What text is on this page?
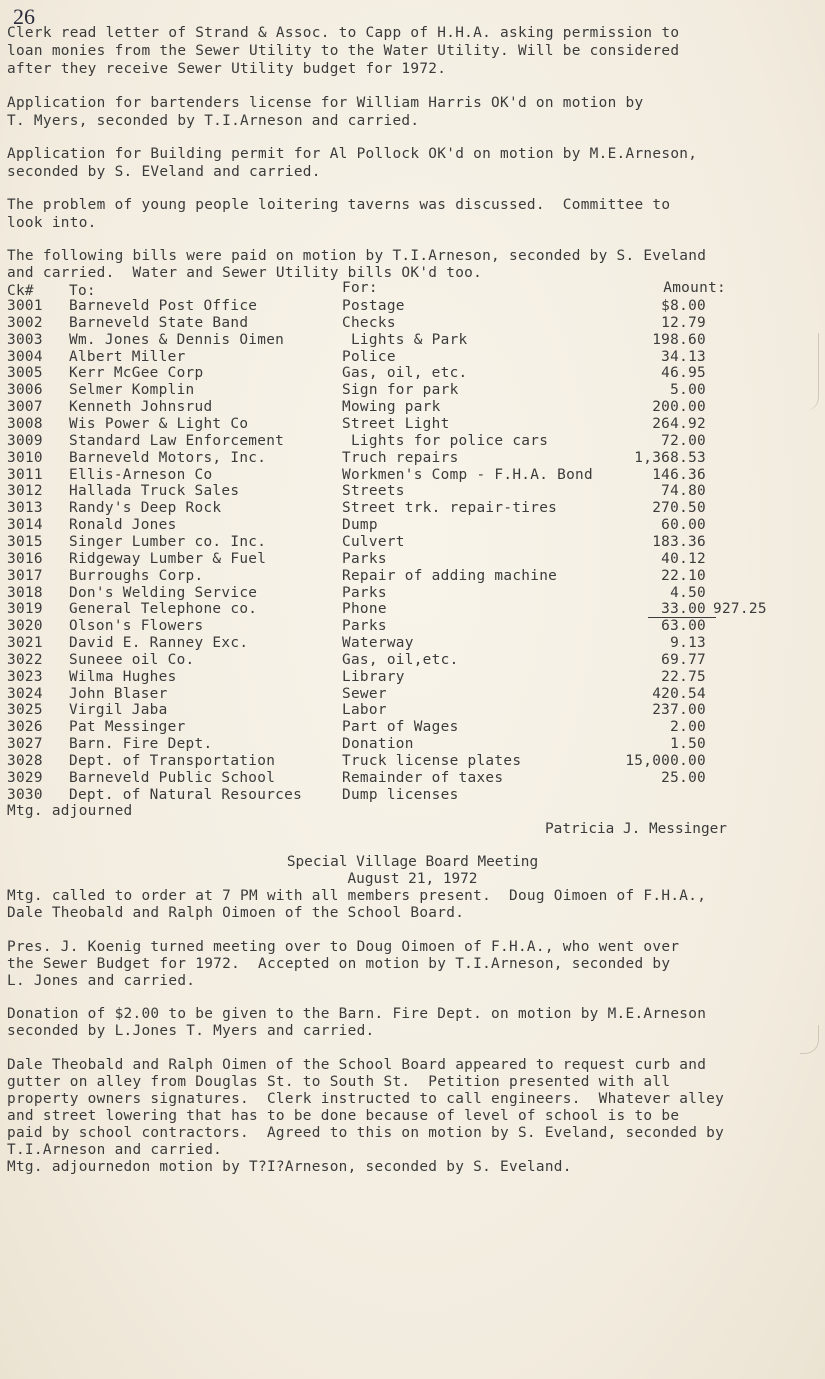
26
Clerk read letter of Strand & Assoc. to Capp of H.H.A. asking permission to
loan monies from the Sewer Utility to the Water Utility. Will be considered
after they receive Sewer Utility budget for 1972.
Application for bartenders license for William Harris OK'd on motion by
T. Myers, seconded by T.I.Arneson and carried.
Application for Building permit for Al Pollock OK'd on motion by M.E.Arneson,
seconded by S. EVeland and carried.
The problem of young people loitering taverns was discussed.  Committee to
look into.
The following bills were paid on motion by T.I.Arneson, seconded by S. Eveland
and carried.  Water and Sewer Utility bills OK'd too.
Ck# To:	For:	Amount:
3001 Barneveld Post Office	Postage	$8.00
3002 Barneveld State Band	Checks	12.79
3003 Wm. Jones & Dennis Oimen	Lights & Park	198.60
3004 Albert Miller	Police	34.13
3005 Kerr McGee Corp	Gas, oil, etc.	46.95
3006 Selmer Komplin	Sign for park	5.00
3007 Kenneth Johnsrud	Mowing park	200.00
3008 Wis Power & Light Co	Street Light	264.92
3009 Standard Law Enforcement	Lights for police cars	72.00
3010 Barneveld Motors, Inc.	Truch repairs	1,368.53
3011 Ellis-Arneson Co	Workmen's Comp - F.H.A. Bond	146.36
3012 Hallada Truck Sales	Streets	74.80
3013 Randy's Deep Rock	Street trk. repair-tires	270.50
3014 Ronald Jones	Dump	60.00
3015 Singer Lumber co. Inc.	Culvert	183.36
3016 Ridgeway Lumber & Fuel	Parks	40.12
3017 Burroughs Corp.	Repair of adding machine	22.10
3018 Don's Welding Service	Parks	4.50
3019 General Telephone co.	Phone	33.00 927.25
3020 Olson's Flowers	Parks	63.00
3021 David E. Ranney Exc.	Waterway	9.13
3022 Suneee oil Co.	Gas, oil,etc.	69.77
3023 Wilma Hughes	Library	22.75
3024 John Blaser	Sewer	420.54
3025 Virgil Jaba	Labor	237.00
3026 Pat Messinger	Part of Wages	2.00
3027 Barn. Fire Dept.	Donation	1.50
3028 Dept. of Transportation	Truck license plates	15,000.00
3029 Barneveld Public School	Remainder of taxes	25.00
3030 Dept. of Natural Resources	Dump licenses
Mtg. adjourned
Patricia J. Messinger
Special Village Board Meeting
August 21, 1972
Mtg. called to order at 7 PM with all members present.  Doug Oimoen of F.H.A.,
Dale Theobald and Ralph Oimoen of the School Board.
Pres. J. Koenig turned meeting over to Doug Oimoen of F.H.A., who went over
the Sewer Budget for 1972.  Accepted on motion by T.I.Arneson, seconded by
L. Jones and carried.
Donation of $2.00 to be given to the Barn. Fire Dept. on motion by M.E.Arneson
seconded by L.Jones T. Myers and carried.
Dale Theobald and Ralph Oimen of the School Board appeared to request curb and
gutter on alley from Douglas St. to South St.  Petition presented with all
property owners signatures.  Clerk instructed to call engineers.  Whatever alley
and street lowering that has to be done because of level of school is to be
paid by school contractors.  Agreed to this on motion by S. Eveland, seconded by
T.I.Arneson and carried.
Mtg. adjournedon motion by T?I?Arneson, seconded by S. Eveland.
